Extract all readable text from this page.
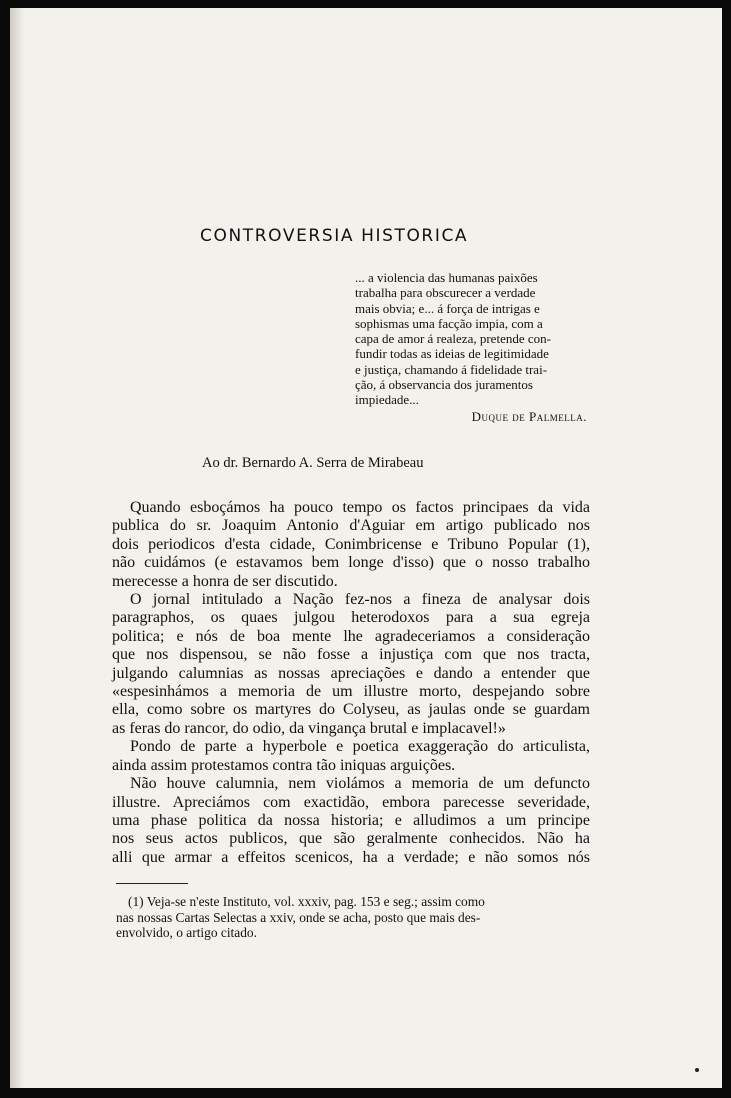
CONTROVERSIA HISTORICA
... a violencia das humanas paixões
trabalha para obscurecer a verdade
mais obvia; e... á força de intrigas e
sophismas uma facção impia, com a
capa de amor á realeza, pretende con-
fundir todas as ideias de legitimidade
e justiça, chamando á fidelidade trai-
ção, á observancia dos juramentos
impiedade...
Duque de Palmella.
Ao dr. Bernardo A. Serra de Mirabeau
Quando esboçámos ha pouco tempo os factos principaes da vida
publica do sr. Joaquim Antonio d'Aguiar em artigo publicado nos
dois periodicos d'esta cidade, Conimbricense e Tribuno Popular (1),
não cuidámos (e estavamos bem longe d'isso) que o nosso trabalho
merecesse a honra de ser discutido.
O jornal intitulado a Nação fez-nos a fineza de analysar dois
paragraphos, os quaes julgou heterodoxos para a sua egreja
politica; e nós de boa mente lhe agradeceriamos a consideração
que nos dispensou, se não fosse a injustiça com que nos tracta,
julgando calumnias as nossas apreciações e dando a entender que
«espesinhámos a memoria de um illustre morto, despejando sobre
ella, como sobre os martyres do Colyseu, as jaulas onde se guardam
as feras do rancor, do odio, da vingança brutal e implacavel!»
Pondo de parte a hyperbole e poetica exaggeração do articulista,
ainda assim protestamos contra tão iniquas arguições.
Não houve calumnia, nem violámos a memoria de um defuncto
illustre. Apreciámos com exactidão, embora parecesse severidade,
uma phase politica da nossa historia; e alludimos a um principe
nos seus actos publicos, que são geralmente conhecidos. Não ha
alli que armar a effeitos scenicos, ha a verdade; e não somos nós
(1) Veja-se n'este Instituto, vol. xxxiv, pag. 153 e seg.; assim como
nas nossas Cartas Selectas a xxiv, onde se acha, posto que mais des-
envolvido, o artigo citado.
